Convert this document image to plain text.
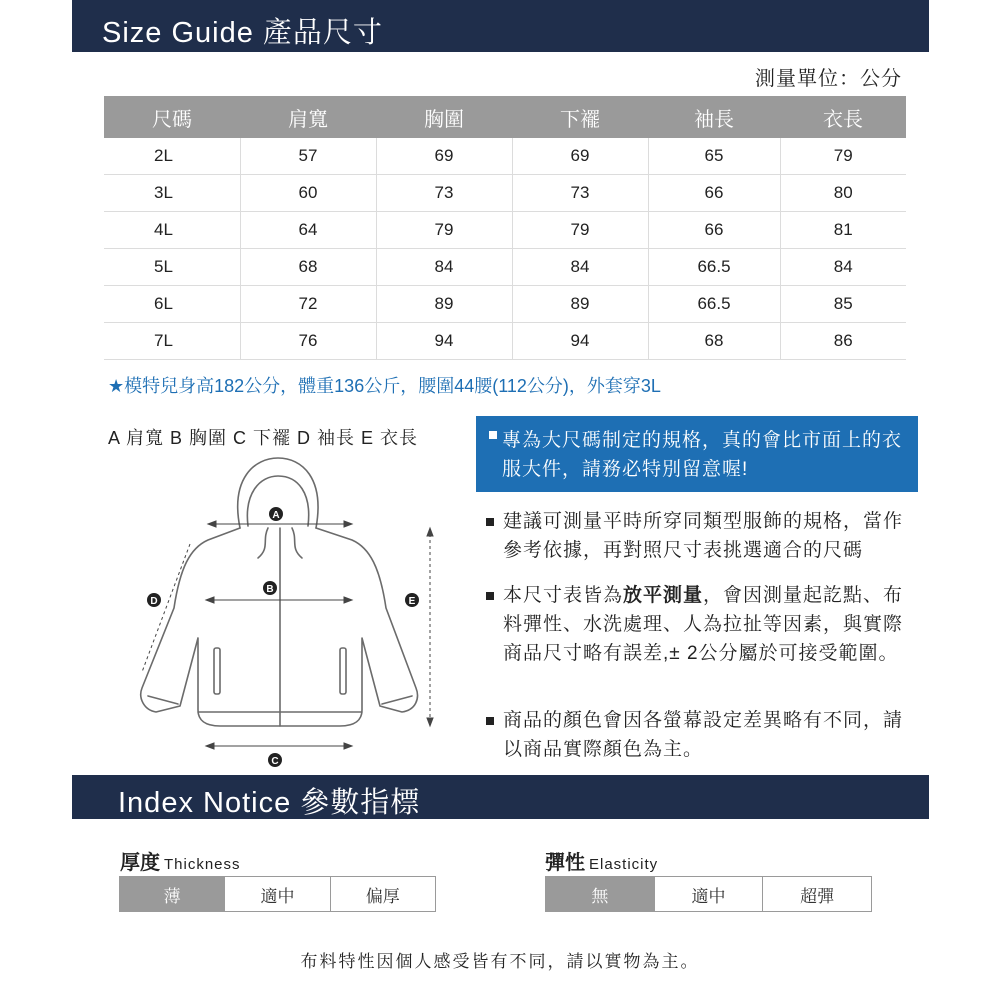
Size Guide 產品尺寸
測量單位：公分
尺碼	肩寬	胸圍	下襬	袖長	衣長
2L	57	69	69	65	79
3L	60	73	73	66	80
4L	64	79	79	66	81
5L	68	84	84	66.5	84
6L	72	89	89	66.5	85
7L	76	94	94	68	86
★模特兒身高182公分，體重136公斤，腰圍44腰(112公分)，外套穿3L
A 肩寬 B 胸圍 C 下襬 D 袖長 E 衣長
A
B
C
D	E
專為大尺碼制定的規格，真的會比市面上的衣服大件，請務必特別留意喔!
建議可測量平時所穿同類型服飾的規格，當作參考依據，再對照尺寸表挑選適合的尺碼
本尺寸表皆為放平測量，會因測量起訖點、布料彈性、水洗處理、人為拉扯等因素，與實際商品尺寸略有誤差,± 2公分屬於可接受範圍。
商品的顏色會因各螢幕設定差異略有不同，請以商品實際顏色為主。
Index Notice 參數指標
厚度 Thickness
薄	適中	偏厚
彈性 Elasticity
無	適中	超彈
布料特性因個人感受皆有不同，請以實物為主。
